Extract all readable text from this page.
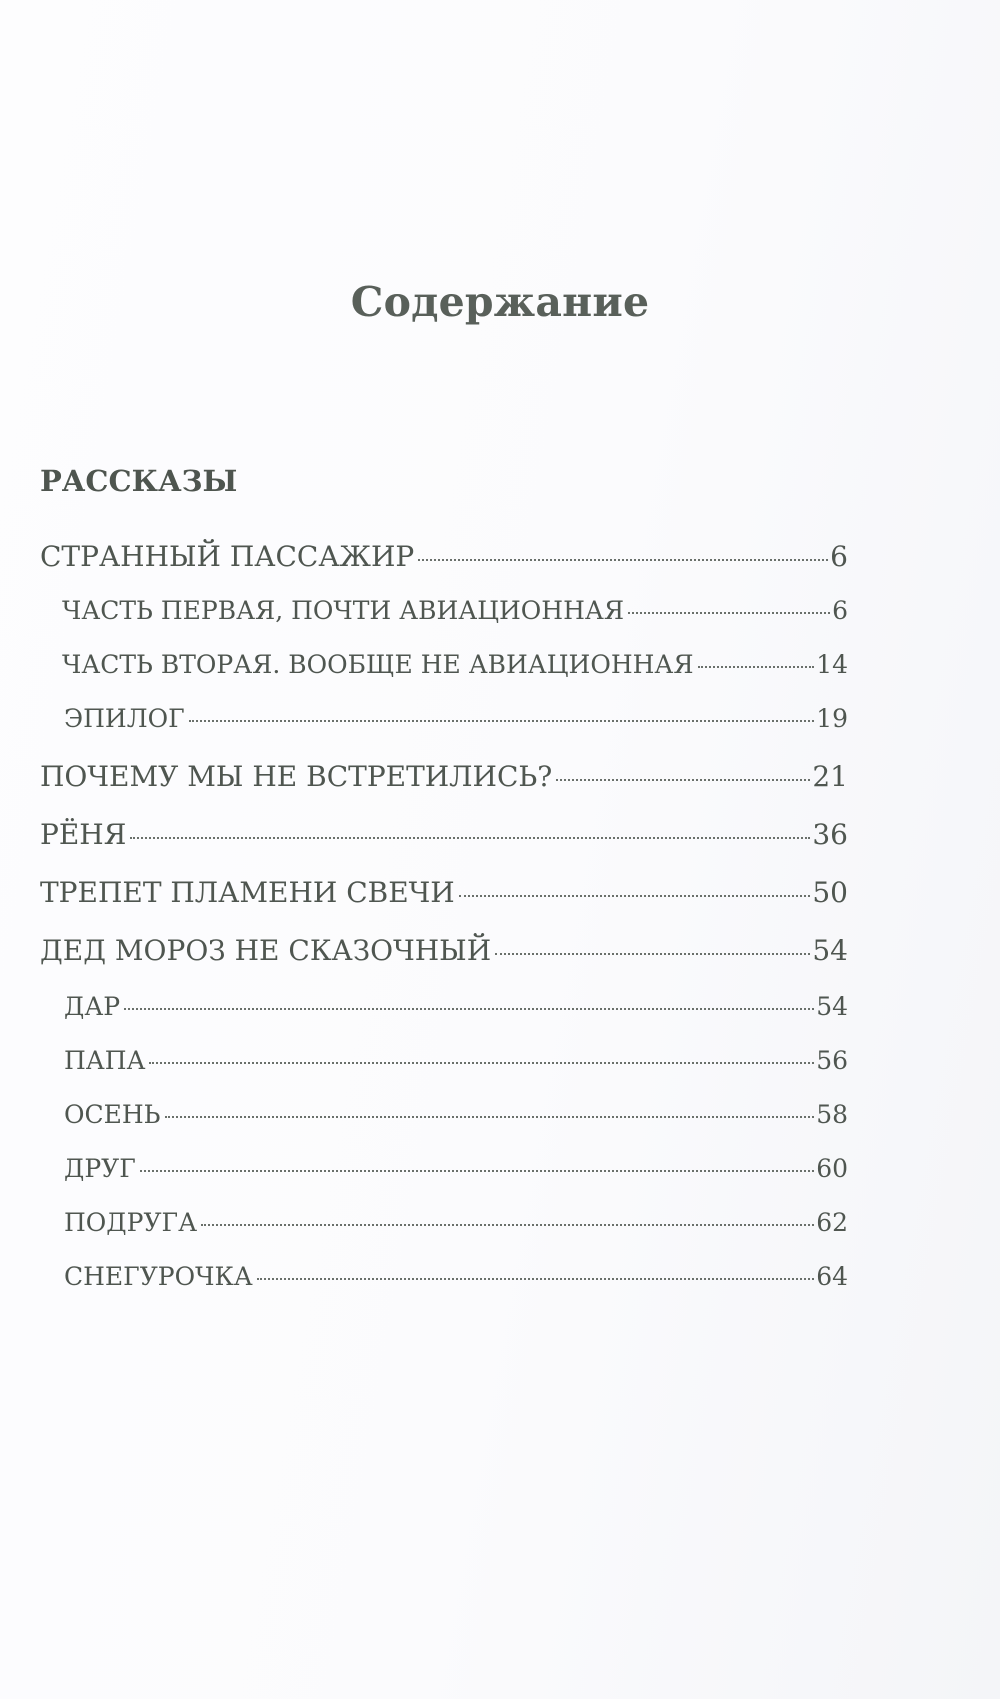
Содержание
РАССКАЗЫ
СТРАННЫЙ ПАССАЖИР	6
ЧАСТЬ ПЕРВАЯ, ПОЧТИ АВИАЦИОННАЯ	6
ЧАСТЬ ВТОРАЯ. ВООБЩЕ НЕ АВИАЦИОННАЯ	14
ЭПИЛОГ	19
ПОЧЕМУ МЫ НЕ ВСТРЕТИЛИСЬ?	21
РЁНЯ	36
ТРЕПЕТ ПЛАМЕНИ СВЕЧИ	50
ДЕД МОРОЗ НЕ СКАЗОЧНЫЙ	54
ДАР	54
ПАПА	56
ОСЕНЬ	58
ДРУГ	60
ПОДРУГА	62
СНЕГУРОЧКА	64
